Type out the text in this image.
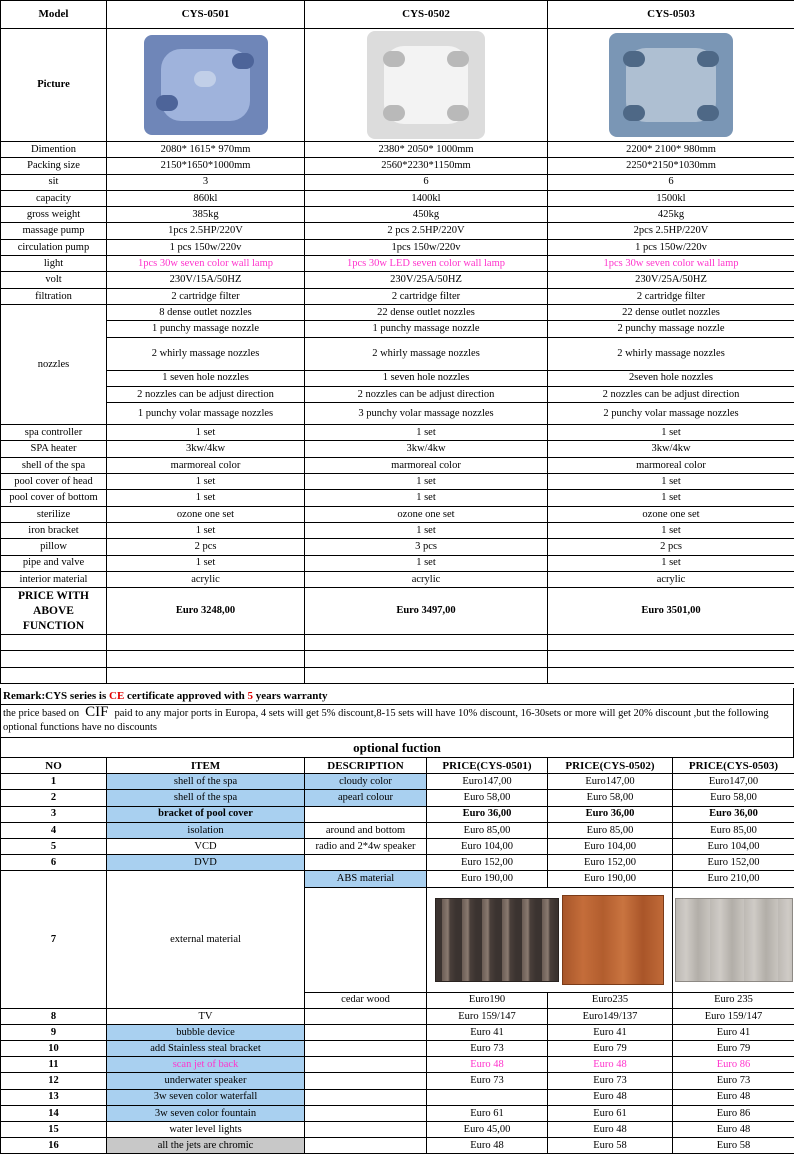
Model	CYS-0501	CYS-0502	CYS-0503
Picture	

Dimention	2080* 1615* 970mm	2380* 2050* 1000mm	2200* 2100* 980mm
Packing size	2150*1650*1000mm	2560*2230*1150mm	2250*2150*1030mm
sit	3	6	6
capacity	860kl	1400kl	1500kl
gross weight	385kg	450kg	425kg
massage pump	1pcs 2.5HP/220V	2 pcs 2.5HP/220V	2pcs 2.5HP/220V
circulation pump	1 pcs 150w/220v	1pcs 150w/220v	1 pcs 150w/220v
light	1pcs 30w seven color wall lamp	1pcs 30w LED seven color wall lamp	1pcs 30w seven color wall lamp
volt	230V/15A/50HZ	230V/25A/50HZ	230V/25A/50HZ
filtration	2 cartridge filter	2 cartridge filter	2 cartridge filter
nozzles	8 dense outlet nozzles	22 dense outlet nozzles	22 dense outlet nozzles
	1 punchy massage nozzle	1 punchy massage nozzle	2 punchy massage nozzle
	2 whirly massage nozzles	2 whirly massage nozzles	2 whirly massage nozzles
	1 seven hole nozzles	1 seven hole nozzles	2seven hole nozzles
	2 nozzles can be adjust direction	2 nozzles can be adjust direction	2 nozzles can be adjust direction
	1 punchy volar massage nozzles	3 punchy volar massage nozzles	2 punchy volar massage nozzles
spa controller	1 set	1 set	1 set
SPA heater	3kw/4kw	3kw/4kw	3kw/4kw
shell of the spa	marmoreal color	marmoreal color	marmoreal color
pool cover of head	1 set	1 set	1 set
pool cover of bottom	1 set	1 set	1 set
sterilize	ozone one set	ozone one set	ozone one set
iron bracket	1 set	1 set	1 set
pillow	2 pcs	3 pcs	2 pcs
pipe and valve	1 set	1 set	1 set
interior material	acrylic	acrylic	acrylic
PRICE WITH ABOVE FUNCTION	Euro 3248,00	Euro 3497,00	Euro 3501,00

Remark:CYS series is CE certificate approved with 5 years warranty
the price based on CIF paid to any major ports in Europa, 4 sets will get 5% discount,8-15 sets will have 10% discount, 16-30sets or more will get 20% discount ,but the following optional functions have no discounts
optional fuction
NO	ITEM	DESCRIPTION	PRICE(CYS-0501)	PRICE(CYS-0502)	PRICE(CYS-0503)
1	shell of the spa	cloudy color	Euro147,00	Euro147,00	Euro147,00
2	shell of the spa	apearl colour	Euro 58,00	Euro 58,00	Euro 58,00
3	bracket of pool cover		Euro 36,00	Euro 36,00	Euro 36,00
4	isolation	around and bottom	Euro 85,00	Euro 85,00	Euro 85,00
5	VCD	radio and 2*4w speaker	Euro 104,00	Euro 104,00	Euro 104,00
6	DVD		Euro 152,00	Euro 152,00	Euro 152,00
7	external material	ABS material	Euro 190,00	Euro 190,00	Euro 210,00

		cedar wood	Euro190	Euro235	Euro 235
8	TV		Euro 159/147	Euro149/137	Euro 159/147
9	bubble device		Euro 41	Euro 41	Euro 41
10	add Stainless steal bracket		Euro 73	Euro 79	Euro 79
11	scan jet of back		Euro 48	Euro 48	Euro 86
12	underwater speaker		Euro 73	Euro 73	Euro 73
13	3w seven color waterfall			Euro 48	Euro 48
14	3w seven color fountain		Euro 61	Euro 61	Euro 86
15	water level lights		Euro 45,00	Euro 48	Euro 48
16	all the jets are chromic		Euro 48	Euro 58	Euro 58
